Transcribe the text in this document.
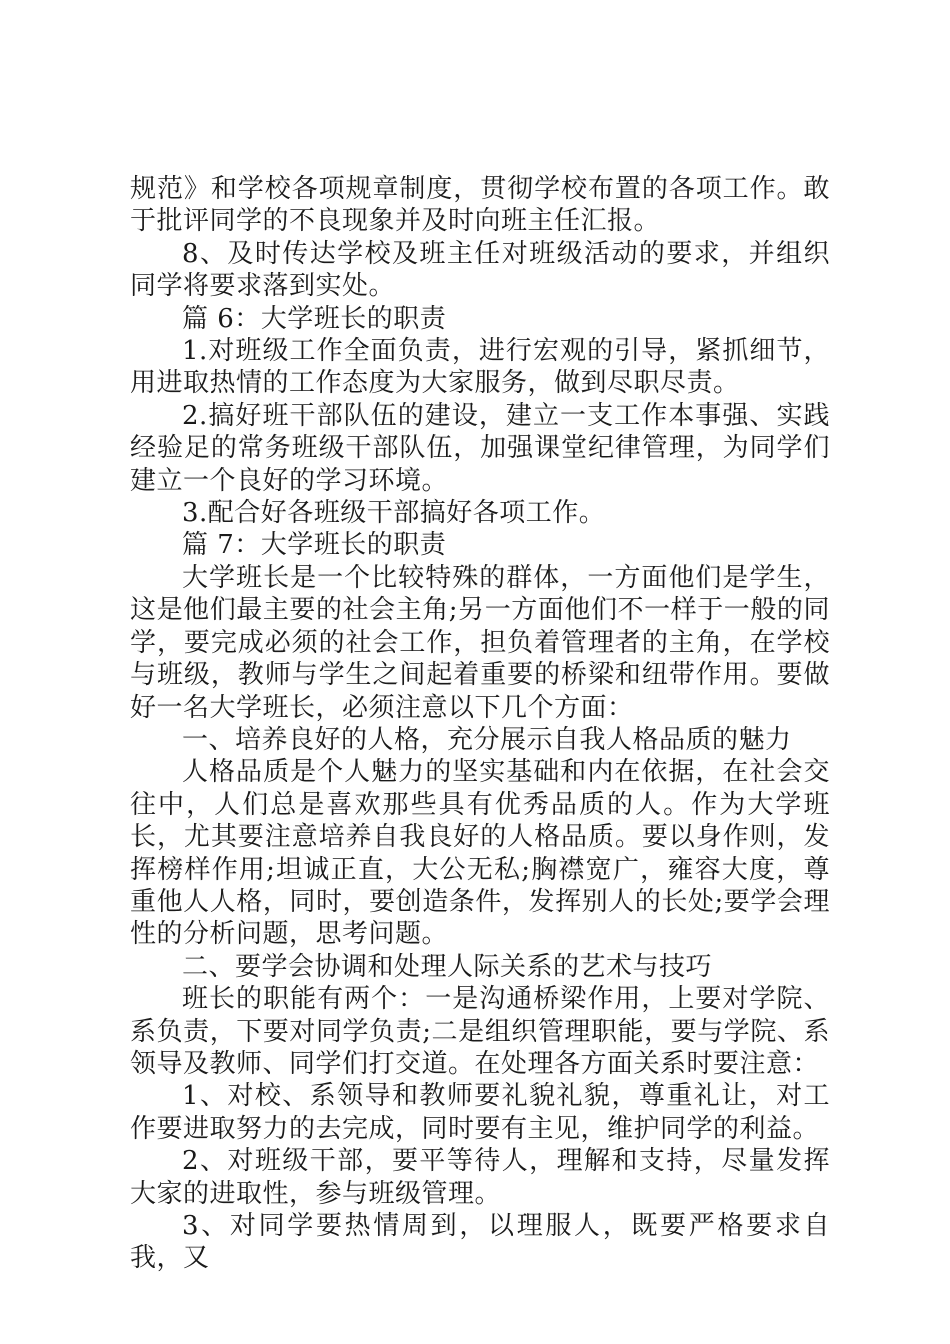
规范》和学校各项规章制度，贯彻学校布置的各项工作。敢于批评同学的不良现象并及时向班主任汇报。

8、及时传达学校及班主任对班级活动的要求，并组织同学将要求落到实处。

篇 6：大学班长的职责

1.对班级工作全面负责，进行宏观的引导，紧抓细节，用进取热情的工作态度为大家服务，做到尽职尽责。

2.搞好班干部队伍的建设，建立一支工作本事强、实践经验足的常务班级干部队伍，加强课堂纪律管理，为同学们建立一个良好的学习环境。

3.配合好各班级干部搞好各项工作。

篇 7：大学班长的职责

大学班长是一个比较特殊的群体，一方面他们是学生，这是他们最主要的社会主角;另一方面他们不一样于一般的同学，要完成必须的社会工作，担负着管理者的主角，在学校与班级，教师与学生之间起着重要的桥梁和纽带作用。要做好一名大学班长，必须注意以下几个方面：

一、培养良好的人格，充分展示自我人格品质的魅力

人格品质是个人魅力的坚实基础和内在依据，在社会交往中，人们总是喜欢那些具有优秀品质的人。作为大学班长，尤其要注意培养自我良好的人格品质。要以身作则，发挥榜样作用;坦诚正直，大公无私;胸襟宽广，雍容大度，尊重他人人格，同时，要创造条件，发挥别人的长处;要学会理性的分析问题，思考问题。

二、要学会协调和处理人际关系的艺术与技巧

班长的职能有两个：一是沟通桥梁作用，上要对学院、系负责，下要对同学负责;二是组织管理职能，要与学院、系领导及教师、同学们打交道。在处理各方面关系时要注意：

1、对校、系领导和教师要礼貌礼貌，尊重礼让，对工作要进取努力的去完成，同时要有主见，维护同学的利益。

2、对班级干部，要平等待人，理解和支持，尽量发挥大家的进取性，参与班级管理。

3、对同学要热情周到，以理服人，既要严格要求自我，又
